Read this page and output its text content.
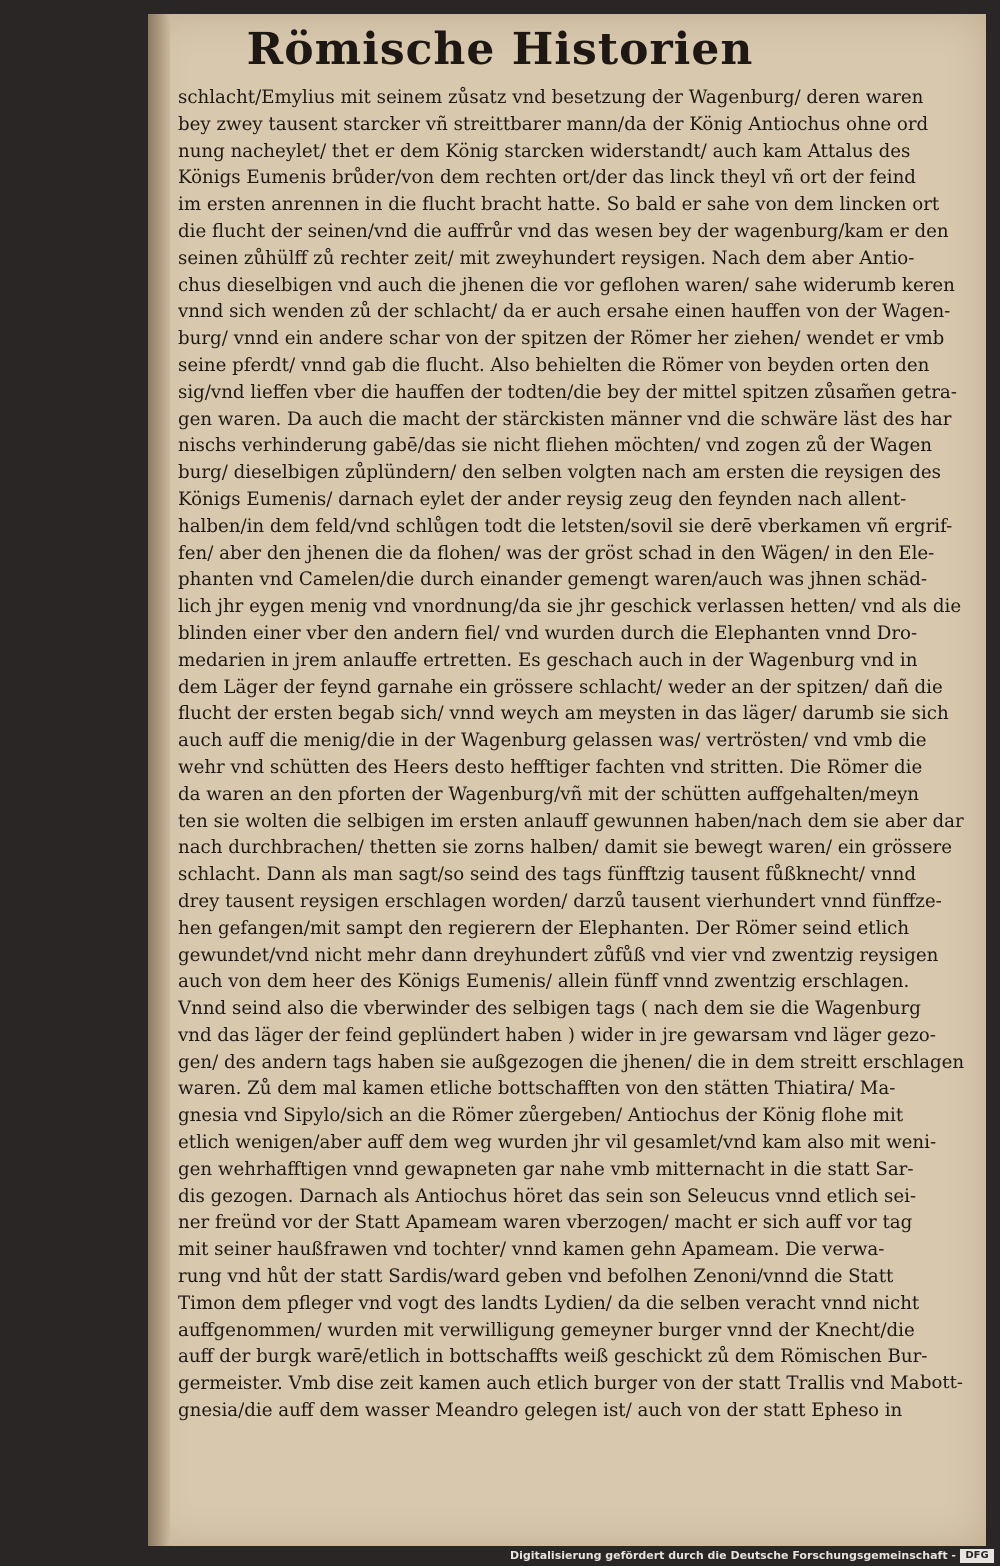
Römische Historien
schlacht/Emylius mit seinem zůsatz vnd besetzung der Wagenburg/ deren waren
bey zwey tausent starcker vñ streittbarer mann/da der König Antiochus ohne ord
nung nacheylet/ thet er dem König starcken widerstandt/ auch kam Attalus des
Königs Eumenis brůder/von dem rechten ort/der das linck theyl vñ ort der feind
im ersten anrennen in die flucht bracht hatte. So bald er sahe von dem lincken ort
die flucht der seinen/vnd die auffrůr vnd das wesen bey der wagenburg/kam er den
seinen zůhülff zů rechter zeit/ mit zweyhundert reysigen. Nach dem aber Antio-
chus dieselbigen vnd auch die jhenen die vor geflohen waren/ sahe widerumb keren
vnnd sich wenden zů der schlacht/ da er auch ersahe einen hauffen von der Wagen-
burg/ vnnd ein andere schar von der spitzen der Römer her ziehen/ wendet er vmb
seine pferdt/ vnnd gab die flucht. Also behielten die Römer von beyden orten den
sig/vnd lieffen vber die hauffen der todten/die bey der mittel spitzen zůsam̃en getra-
gen waren. Da auch die macht der stärckisten männer vnd die schwäre läst des har
nischs verhinderung gabē/das sie nicht fliehen möchten/ vnd zogen zů der Wagen
burg/ dieselbigen zůplündern/ den selben volgten nach am ersten die reysigen des
Königs Eumenis/ darnach eylet der ander reysig zeug den feynden nach allent-
halben/in dem feld/vnd schlůgen todt die letsten/sovil sie derē vberkamen vñ ergrif-
fen/ aber den jhenen die da flohen/ was der gröst schad in den Wägen/ in den Ele-
phanten vnd Camelen/die durch einander gemengt waren/auch was jhnen schäd-
lich jhr eygen menig vnd vnordnung/da sie jhr geschick verlassen hetten/ vnd als die
blinden einer vber den andern fiel/ vnd wurden durch die Elephanten vnnd Dro-
medarien in jrem anlauffe ertretten. Es geschach auch in der Wagenburg vnd in
dem Läger der feynd garnahe ein grössere schlacht/ weder an der spitzen/ dañ die
flucht der ersten begab sich/ vnnd weych am meysten in das läger/ darumb sie sich
auch auff die menig/die in der Wagenburg gelassen was/ vertrösten/ vnd vmb die
wehr vnd schütten des Heers desto hefftiger fachten vnd stritten. Die Römer die
da waren an den pforten der Wagenburg/vñ mit der schütten auffgehalten/meyn
ten sie wolten die selbigen im ersten anlauff gewunnen haben/nach dem sie aber dar
nach durchbrachen/ thetten sie zorns halben/ damit sie bewegt waren/ ein grössere
schlacht. Dann als man sagt/so seind des tags fünfftzig tausent fůßknecht/ vnnd
drey tausent reysigen erschlagen worden/ darzů tausent vierhundert vnnd fünffze-
hen gefangen/mit sampt den regierern der Elephanten. Der Römer seind etlich
gewundet/vnd nicht mehr dann dreyhundert zůfůß vnd vier vnd zwentzig reysigen
auch von dem heer des Königs Eumenis/ allein fünff vnnd zwentzig erschlagen.
Vnnd seind also die vberwinder des selbigen tags ( nach dem sie die Wagenburg
vnd das läger der feind geplündert haben ) wider in jre gewarsam vnd läger gezo-
gen/ des andern tags haben sie außgezogen die jhenen/ die in dem streitt erschlagen
waren. Zů dem mal kamen etliche bottschafften von den stätten Thiatira/ Ma-
gnesia vnd Sipylo/sich an die Römer zůergeben/ Antiochus der König flohe mit
etlich wenigen/aber auff dem weg wurden jhr vil gesamlet/vnd kam also mit weni-
gen wehrhafftigen vnnd gewapneten gar nahe vmb mitternacht in die statt Sar-
dis gezogen. Darnach als Antiochus höret das sein son Seleucus vnnd etlich sei-
ner freünd vor der Statt Apameam waren vberzogen/ macht er sich auff vor tag
mit seiner haußfrawen vnd tochter/ vnnd kamen gehn Apameam. Die verwa-
rung vnd hůt der statt Sardis/ward geben vnd befolhen Zenoni/vnnd die Statt
Timon dem pfleger vnd vogt des landts Lydien/ da die selben veracht vnnd nicht
auffgenommen/ wurden mit verwilligung gemeyner burger vnnd der Knecht/die
auff der burgk warē/etlich in bottschaffts weiß geschickt zů dem Römischen Bur-
germeister. Vmb dise zeit kamen auch etlich burger von der statt Trallis vnd Ma
gnesia/die auff dem wasser Meandro gelegen ist/ auch von der statt Epheso in
bott-
Digitalisierung gefördert durch die Deutsche Forschungsgemeinschaft - DFG
